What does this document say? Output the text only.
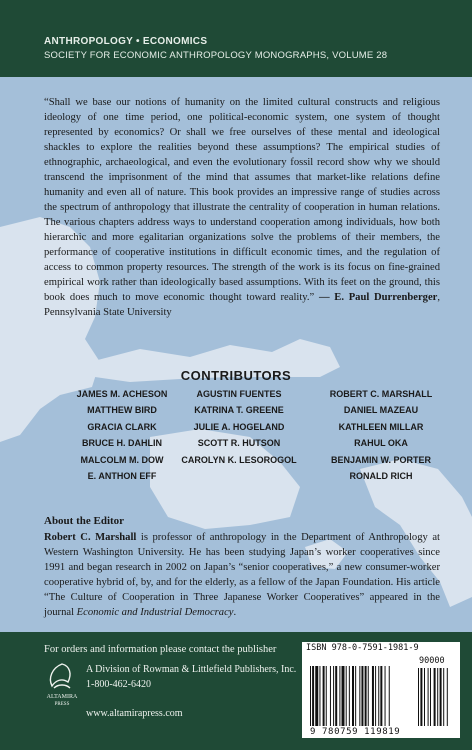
ANTHROPOLOGY • ECONOMICS
SOCIETY FOR ECONOMIC ANTHROPOLOGY MONOGRAPHS, VOLUME 28
“Shall we base our notions of humanity on the limited cultural constructs and religious ideology of one time period, one political-economic system, one system of thought represented by economics? Or shall we free ourselves of these mental and ideological shackles to explore the realities beyond these assumptions? The empirical studies of ethnographic, archaeological, and even the evolutionary fossil record show why we should transcend the imprisonment of the mind that assumes that market-like relations define humanity and even all of nature. This book provides an impressive range of studies across the spectrum of anthropology that illustrate the centrality of cooperation in human relations. The various chapters address ways to understand cooperation among individuals, how both hierarchic and more egalitarian organizations solve the problems of their members, the performance of cooperative institutions in difficult economic times, and the regulation of access to common property resources. The strength of the work is its focus on fine-grained empirical work rather than ideologically based assumptions. With its feet on the ground, this book does much to move economic thought toward reality.” — E. Paul Durrenberger, Pennsylvania State University
CONTRIBUTORS
JAMES M. ACHESON
MATTHEW BIRD
GRACIA CLARK
BRUCE H. DAHLIN
MALCOLM M. DOW
E. ANTHON EFF
AGUSTIN FUENTES
KATRINA T. GREENE
JULIE A. HOGELAND
SCOTT R. HUTSON
CAROLYN K. LESOROGOL
ROBERT C. MARSHALL
DANIEL MAZEAU
KATHLEEN MILLAR
RAHUL OKA
BENJAMIN W. PORTER
RONALD RICH
About the Editor
Robert C. Marshall is professor of anthropology in the Department of Anthropology at Western Washington University. He has been studying Japan’s worker cooperatives since 1991 and began research in 2002 on Japan’s “senior cooperatives,” a new consumer-worker cooperative hybrid of, by, and for the elderly, as a fellow of the Japan Foundation. His article “The Culture of Cooperation in Three Japanese Worker Cooperatives” appeared in the journal Economic and Industrial Democracy.
For orders and information please contact the publisher
ALTAMIRA
PRESS
A Division of Rowman & Littlefield Publishers, Inc.
1-800-462-6420
www.altamirapress.com
ISBN 978-0-7591-1981-9
90000
9 780759 119819
